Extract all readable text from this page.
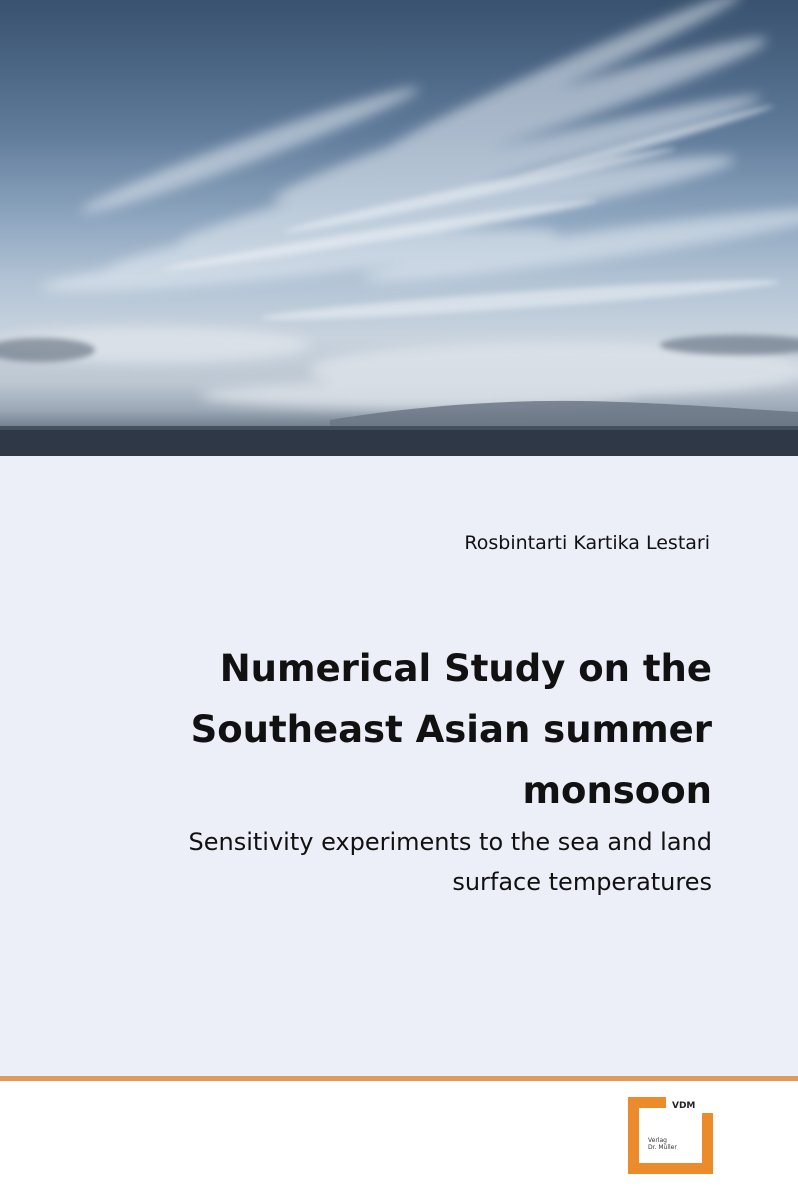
Rosbintarti Kartika Lestari
Numerical Study on the
Southeast Asian summer
monsoon
Sensitivity experiments to the sea and land
surface temperatures
VDM
Verlag
Dr. Müller
